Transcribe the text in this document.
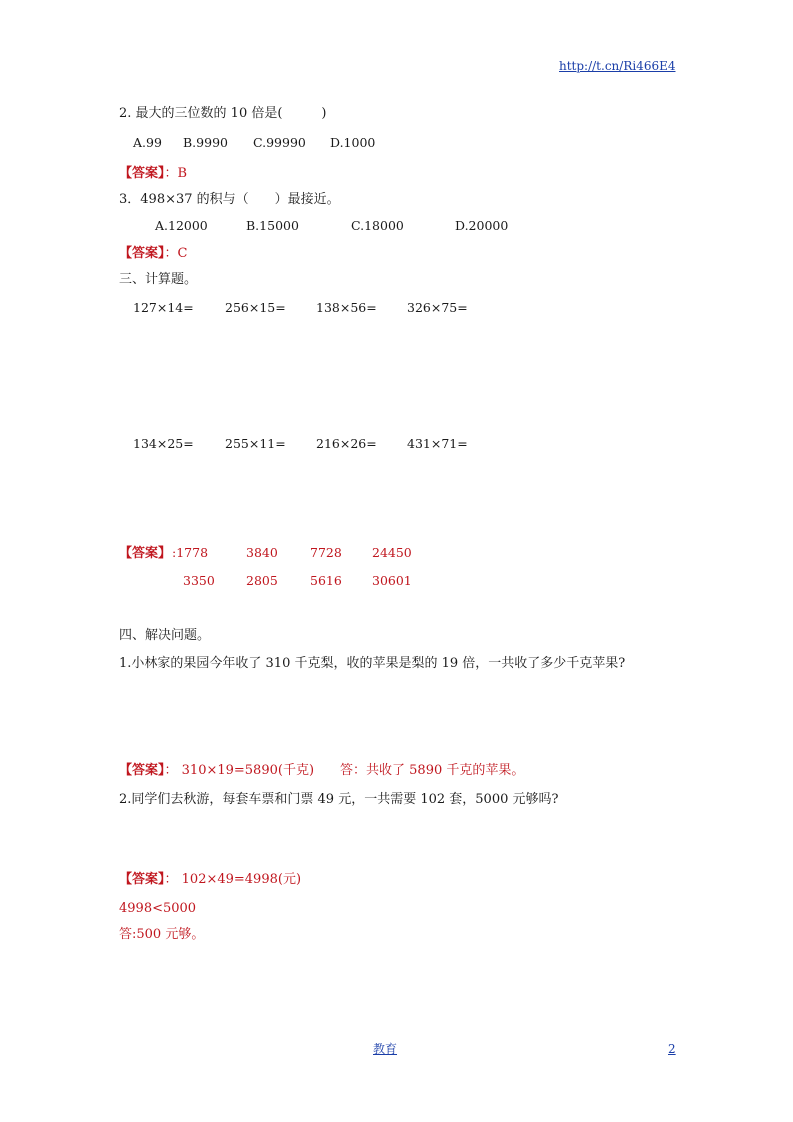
http://t.cn/Ri466E4
2. 最大的三位数的 10 倍是(　　　)
A.99 B.9990 C.99990 D.1000
【答案】：B
3．498×37 的积与（　　）最接近。
A.12000	B.15000	C.18000	D.20000
【答案】：C
三、计算题。
127×14=	256×15= 138×56= 326×75=
134×25=	255×11= 216×26= 431×71=
【答案】 :1778	3840	7728 24450
3350 2805	5616 30601
四、解决问题。
1.小林家的果园今年收了 310 千克梨，收的苹果是梨的 19 倍，一共收了多少千克苹果?
【答案】： 310×19=5890(千克)　　答：共收了 5890 千克的苹果。
2.同学们去秋游，每套车票和门票 49 元，一共需要 102 套，5000 元够吗?
【答案】： 102×49=4998(元)
4998<5000
答:500 元够。
教育	2
